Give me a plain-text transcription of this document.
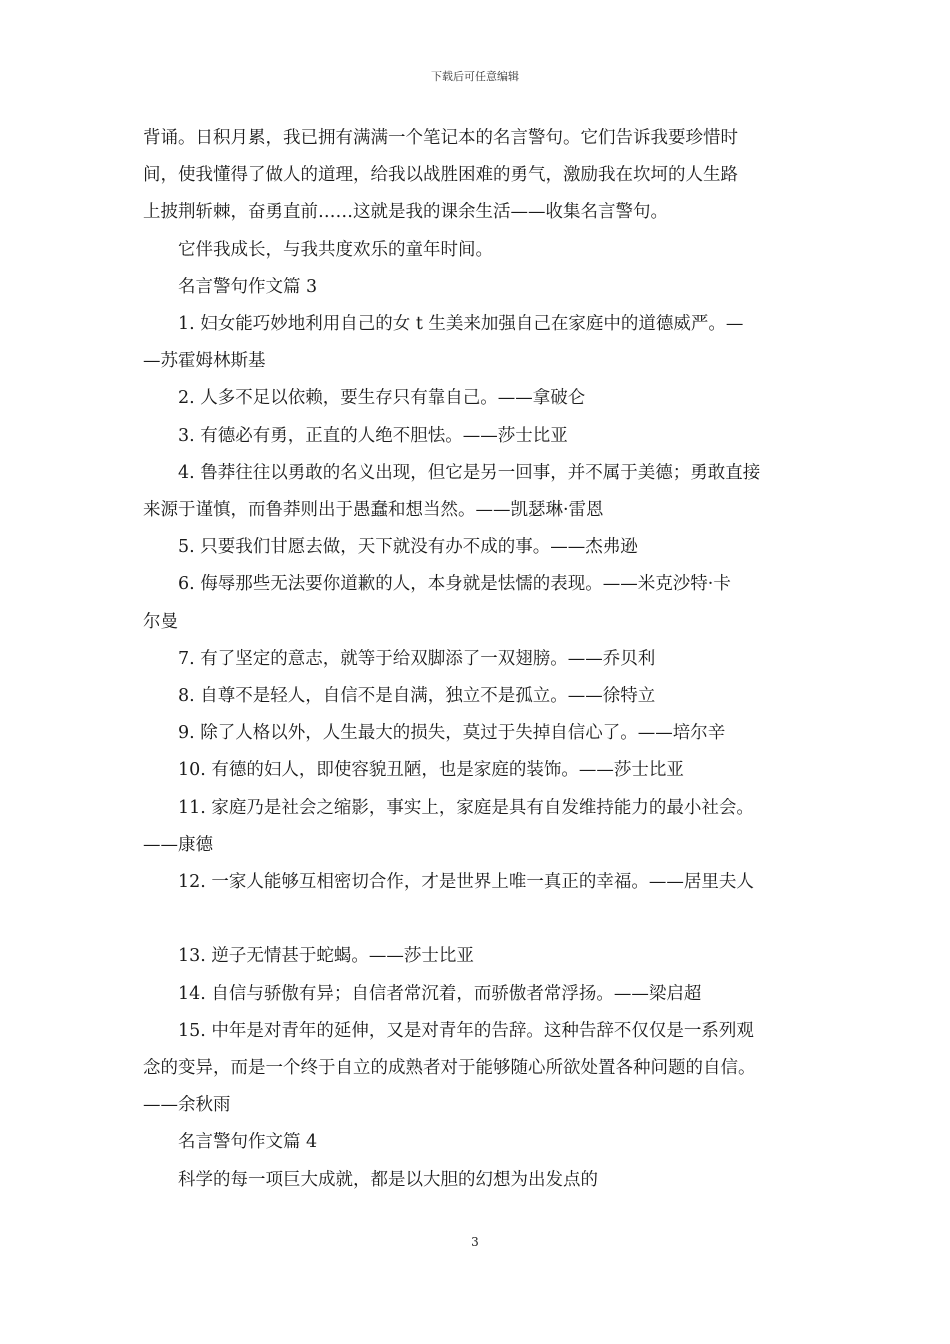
下载后可任意编辑

背诵。日积月累，我已拥有满满一个笔记本的名言警句。它们告诉我要珍惜时

间，使我懂得了做人的道理，给我以战胜困难的勇气，激励我在坎坷的人生路

上披荆斩棘，奋勇直前……这就是我的课余生活——收集名言警句。

它伴我成长，与我共度欢乐的童年时间。

名言警句作文篇 3

1. 妇女能巧妙地利用自己的女 t 生美来加强自己在家庭中的道德威严。—

—苏霍姆林斯基

2. 人多不足以依赖，要生存只有靠自己。——拿破仑

3. 有德必有勇，正直的人绝不胆怯。——莎士比亚

4. 鲁莽往往以勇敢的名义出现，但它是另一回事，并不属于美德；勇敢直接

来源于谨慎，而鲁莽则出于愚蠢和想当然。——凯瑟琳·雷恩

5. 只要我们甘愿去做，天下就没有办不成的事。——杰弗逊

6. 侮辱那些无法要你道歉的人，本身就是怯懦的表现。——米克沙特·卡

尔曼

7. 有了坚定的意志，就等于给双脚添了一双翅膀。——乔贝利

8. 自尊不是轻人，自信不是自满，独立不是孤立。——徐特立

9. 除了人格以外，人生最大的损失，莫过于失掉自信心了。——培尔辛

10. 有德的妇人，即使容貌丑陋，也是家庭的装饰。——莎士比亚

11. 家庭乃是社会之缩影，事实上，家庭是具有自发维持能力的最小社会。

——康德

12. 一家人能够互相密切合作，才是世界上唯一真正的幸福。——居里夫人

13. 逆子无情甚于蛇蝎。——莎士比亚

14. 自信与骄傲有异；自信者常沉着，而骄傲者常浮扬。——梁启超

15. 中年是对青年的延伸，又是对青年的告辞。这种告辞不仅仅是一系列观

念的变异，而是一个终于自立的成熟者对于能够随心所欲处置各种问题的自信。

——余秋雨

名言警句作文篇 4

科学的每一项巨大成就，都是以大胆的幻想为出发点的

3
